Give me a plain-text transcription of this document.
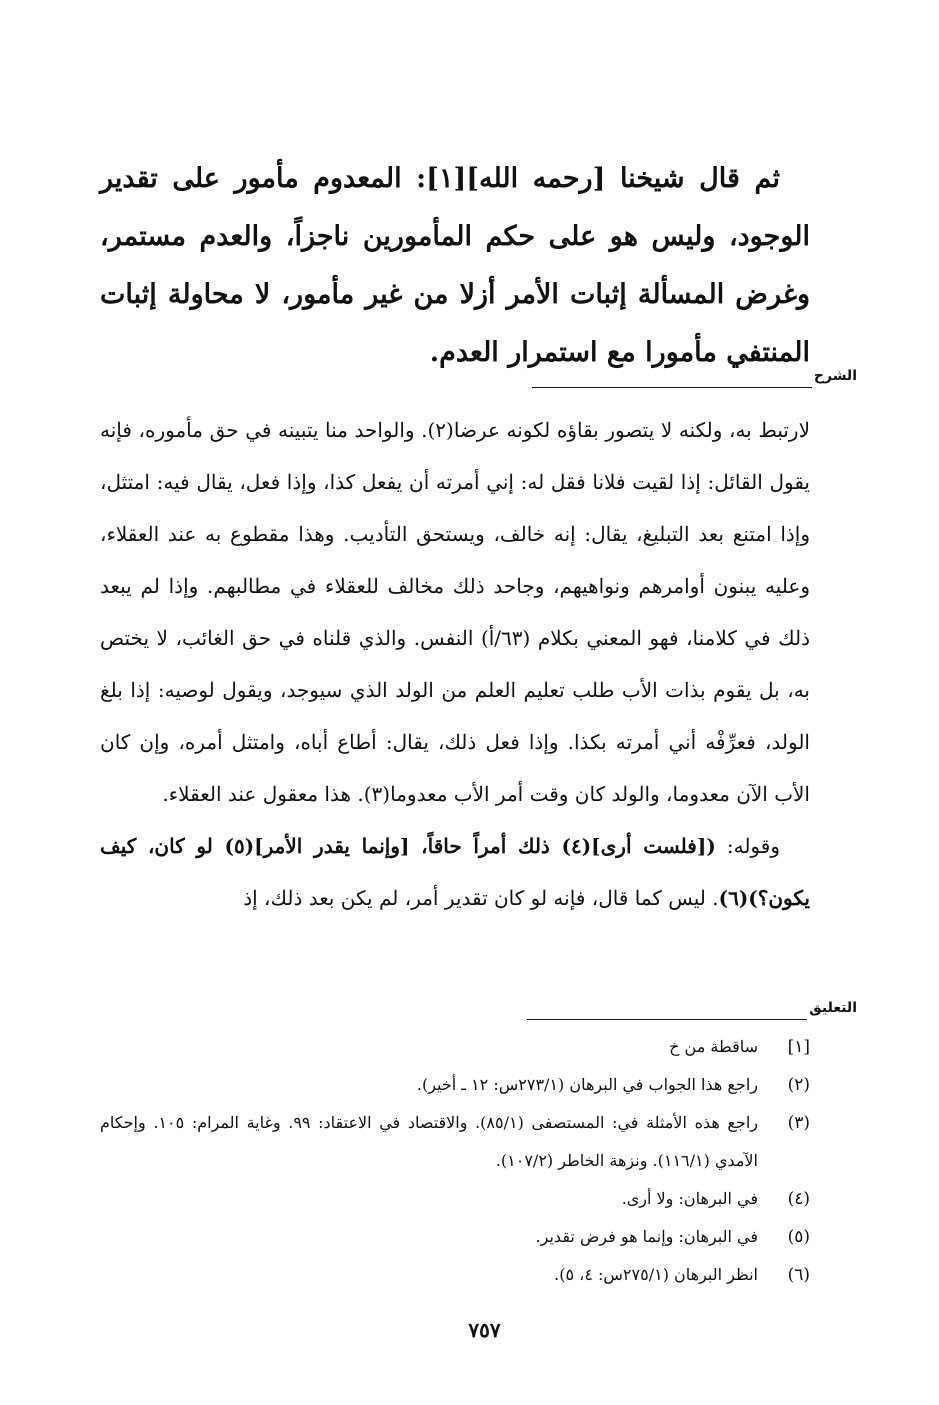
ثم قال شيخنا [رحمه الله][١]: المعدوم مأمور على تقدير الوجود، وليس هو على حكم المأمورين ناجزاً، والعدم مستمر، وغرض المسألة إثبات الأمر أزلا من غير مأمور، لا محاولة إثبات المنتفي مأمورا مع استمرار العدم.

الشرح

لارتبط به، ولكنه لا يتصور بقاؤه لكونه عرضا(٢). والواحد منا يتبينه في حق مأموره، فإنه يقول القائل: إذا لقيت فلانا فقل له: إني أمرته أن يفعل كذا، وإذا فعل، يقال فيه: امتثل، وإذا امتنع بعد التبليغ، يقال: إنه خالف، ويستحق التأديب. وهذا مقطوع به عند العقلاء، وعليه يبنون أوامرهم ونواهيهم، وجاحد ذلك مخالف للعقلاء في مطالبهم. وإذا لم يبعد ذلك في كلامنا، فهو المعني بكلام (٦٣/أ) النفس. والذي قلناه في حق الغائب، لا يختص به، بل يقوم بذات الأب طلب تعليم العلم من الولد الذي سيوجد، ويقول لوصيه: إذا بلغ الولد، فعرِّفْه أني أمرته بكذا. وإذا فعل ذلك، يقال: أطاع أباه، وامتثل أمره، وإن كان الأب الآن معدوما، والولد كان وقت أمر الأب معدوما(٣). هذا معقول عند العقلاء.

وقوله: ([فلست أرى](٤) ذلك أمراً حاقاً، [وإنما يقدر الأمر](٥) لو كان، كيف يكون؟)(٦). ليس كما قال، فإنه لو كان تقدير أمر، لم يكن بعد ذلك، إذ

التعليق
[١]
ساقطة من خ
(٢)
راجع هذا الجواب في البرهان (٢٧٣/١س: ١٢ ـ أخير).
(٣)
راجع هذه الأمثلة في: المستصفى (٨٥/١). والاقتصاد في الاعتقاد: ٩٩. وغاية المرام: ١٠٥. وإحكام الآمدي (١١٦/١). ونزهة الخاطر (١٠٧/٢).
(٤)
في البرهان: ولا أرى.
(٥)
في البرهان: وإنما هو فرض تقدير.
(٦)
انظر البرهان (٢٧٥/١س: ٤، ٥).
٧٥٧
